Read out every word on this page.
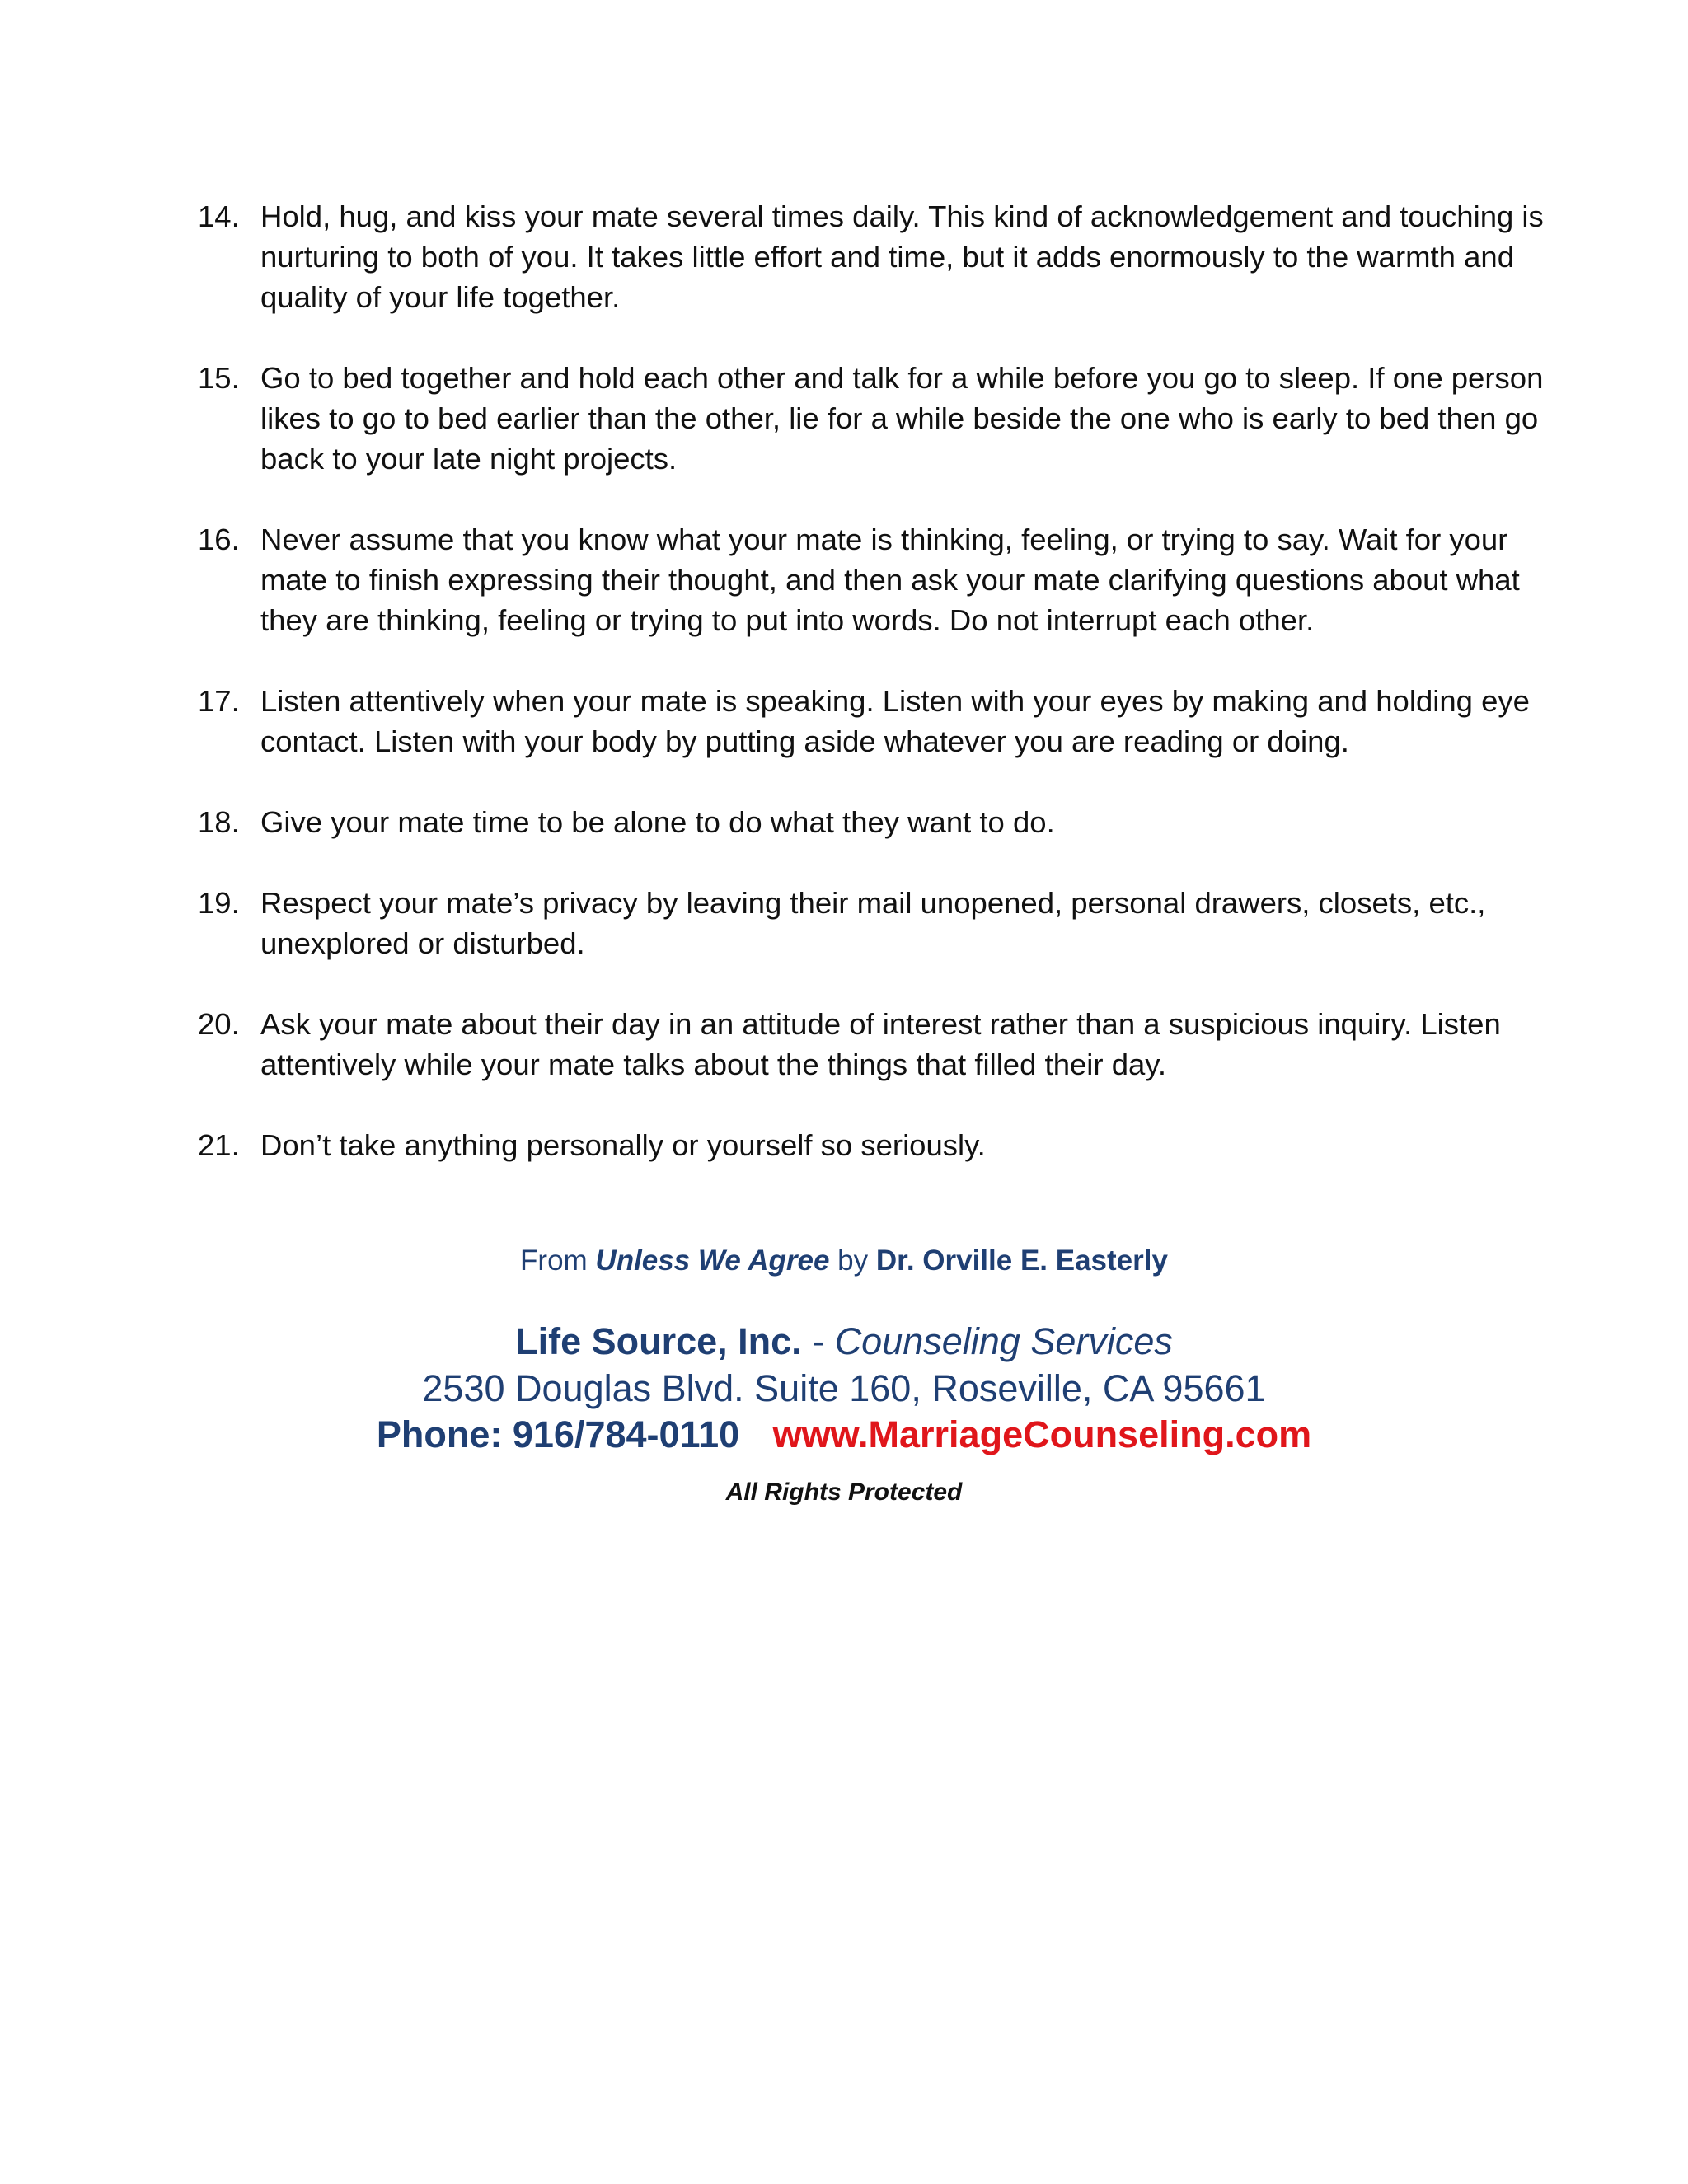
14. Hold, hug, and kiss your mate several times daily. This kind of acknowledgement and touching is nurturing to both of you. It takes little effort and time, but it adds enormously to the warmth and quality of your life together.
15. Go to bed together and hold each other and talk for a while before you go to sleep. If one person likes to go to bed earlier than the other, lie for a while beside the one who is early to bed then go back to your late night projects.
16. Never assume that you know what your mate is thinking, feeling, or trying to say. Wait for your mate to finish expressing their thought, and then ask your mate clarifying questions about what they are thinking, feeling or trying to put into words. Do not interrupt each other.
17. Listen attentively when your mate is speaking. Listen with your eyes by making and holding eye contact. Listen with your body by putting aside whatever you are reading or doing.
18. Give your mate time to be alone to do what they want to do.
19. Respect your mate’s privacy by leaving their mail unopened, personal drawers, closets, etc., unexplored or disturbed.
20. Ask your mate about their day in an attitude of interest rather than a suspicious inquiry. Listen attentively while your mate talks about the things that filled their day.
21. Don’t take anything personally or yourself so seriously.
From Unless We Agree by Dr. Orville E. Easterly
Life Source, Inc. - Counseling Services
2530 Douglas Blvd. Suite 160, Roseville, CA 95661
Phone: 916/784-0110 www.MarriageCounseling.com
All Rights Protected
